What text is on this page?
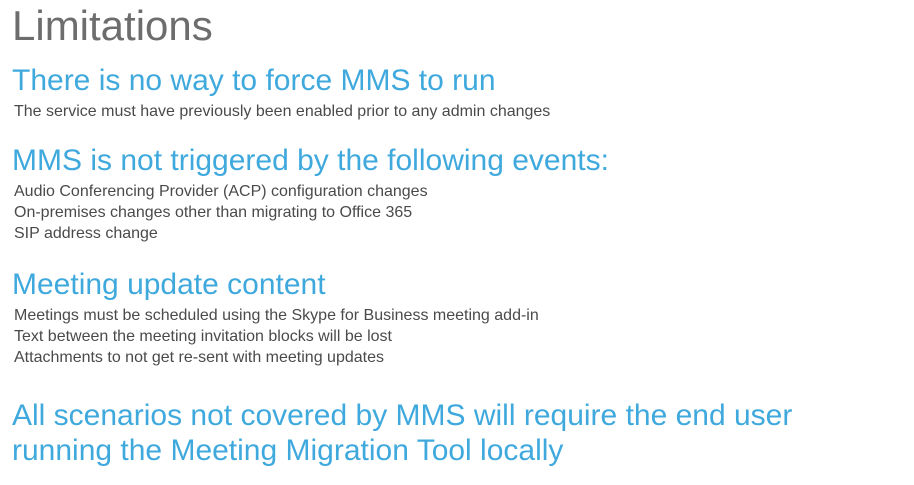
Limitations
There is no way to force MMS to run
The service must have previously been enabled prior to any admin changes
MMS is not triggered by the following events:
Audio Conferencing Provider (ACP) configuration changes
On-premises changes other than migrating to Office 365
SIP address change
Meeting update content
Meetings must be scheduled using the Skype for Business meeting add-in
Text between the meeting invitation blocks will be lost
Attachments to not get re-sent with meeting updates
All scenarios not covered by MMS will require the end user
running the Meeting Migration Tool locally
